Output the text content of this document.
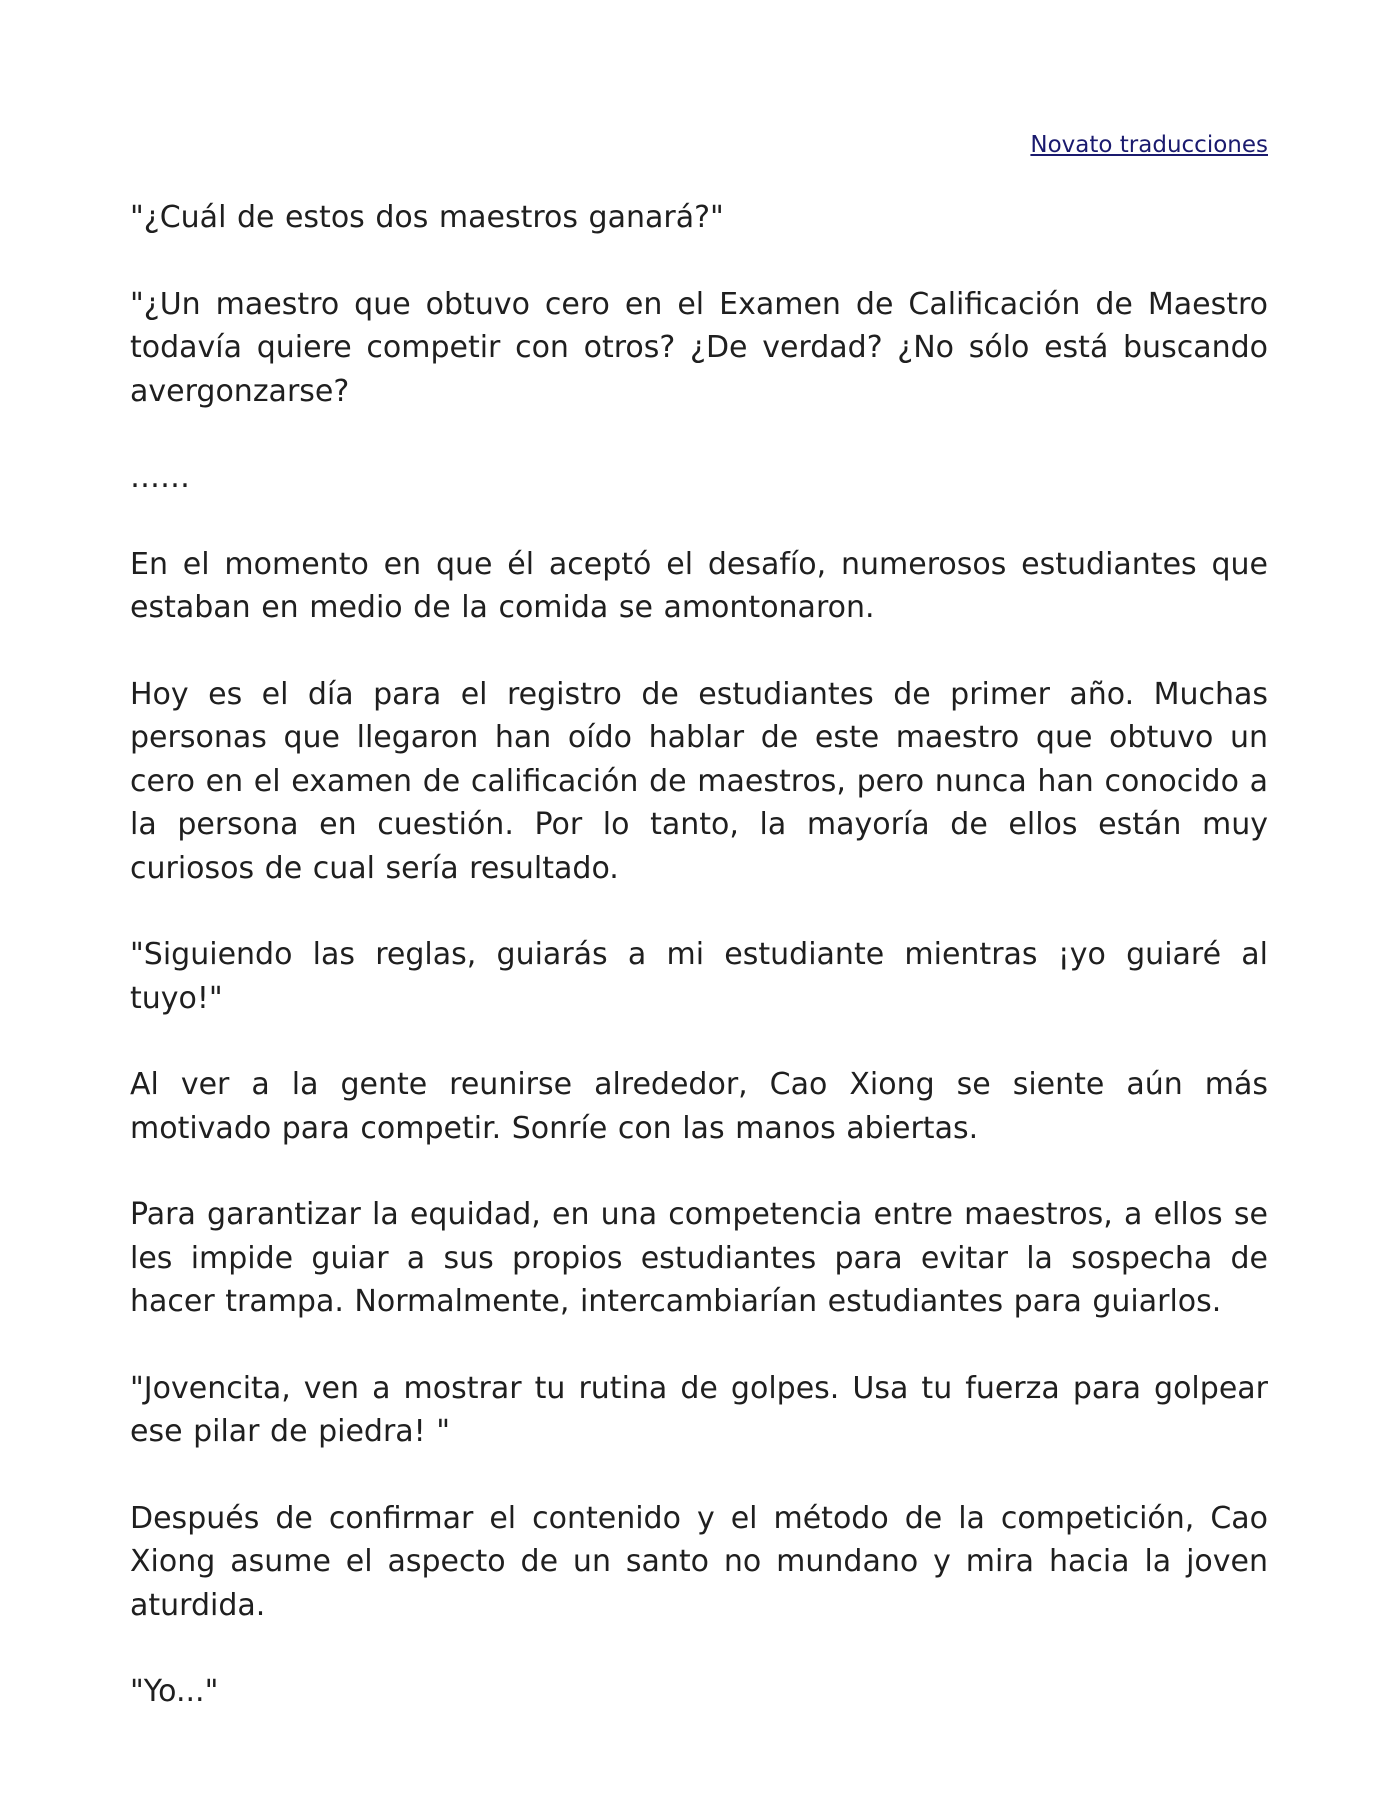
Novato traducciones

"¿Cuál de estos dos maestros ganará?"

"¿Un maestro que obtuvo cero en el Examen de Calificación de Maestro todavía quiere competir con otros? ¿De verdad? ¿No sólo está buscando avergonzarse?

……

En el momento en que él aceptó el desafío, numerosos estudiantes que estaban en medio de la comida se amontonaron.

Hoy es el día para el registro de estudiantes de primer año. Muchas personas que llegaron han oído hablar de este maestro que obtuvo un cero en el examen de calificación de maestros, pero nunca han conocido a la persona en cuestión. Por lo tanto, la mayoría de ellos están muy curiosos de cual sería resultado.

"Siguiendo las reglas, guiarás a mi estudiante mientras ¡yo guiaré al tuyo!"

Al ver a la gente reunirse alrededor, Cao Xiong se siente aún más motivado para competir. Sonríe con las manos abiertas.

Para garantizar la equidad, en una competencia entre maestros, a ellos se les impide guiar a sus propios estudiantes para evitar la sospecha de hacer trampa. Normalmente, intercambiarían estudiantes para guiarlos.

"Jovencita, ven a mostrar tu rutina de golpes. Usa tu fuerza para golpear ese pilar de piedra! "

Después de confirmar el contenido y el método de la competición, Cao Xiong asume el aspecto de un santo no mundano y mira hacia la joven aturdida.

"Yo..."
